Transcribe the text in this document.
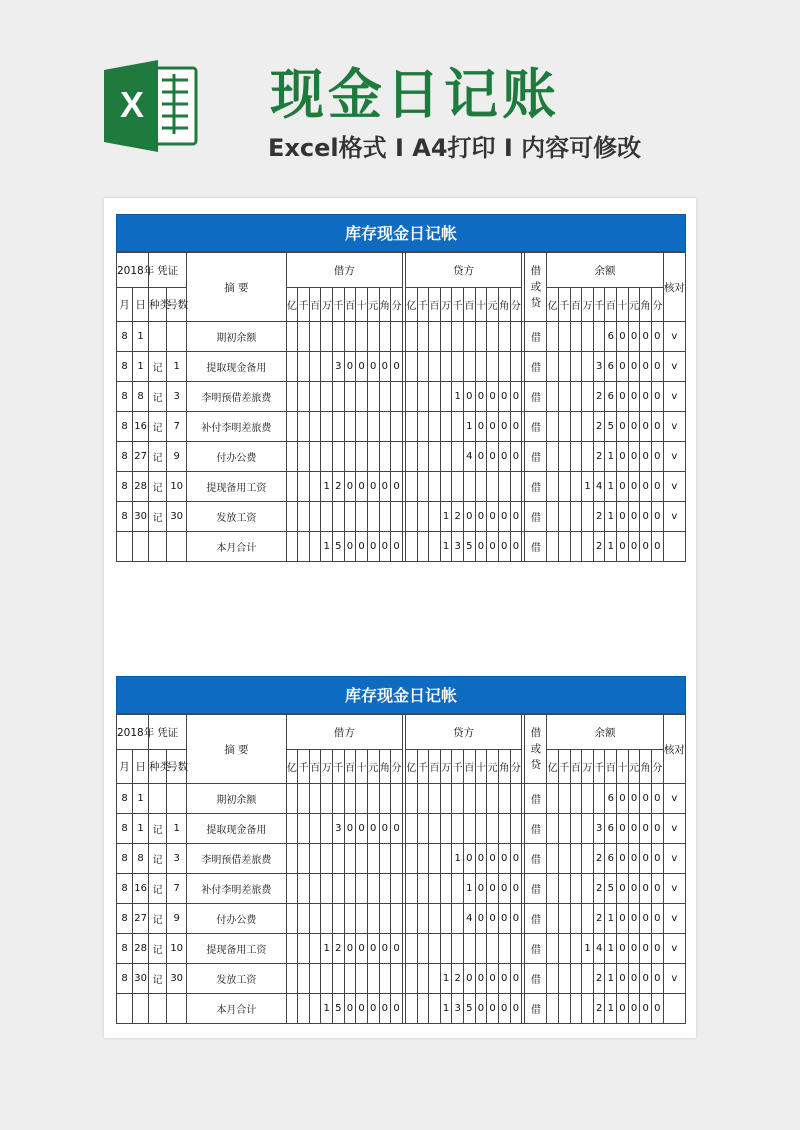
X 现金日记账
Excel格式 I A4打印 I 内容可修改
库存现金日记帐
2018年		凭证		摘 要	借方											贷方											借或贷	余额										核对
月	日	种类	号数		亿	千	百	万	千	百	十	元	角	分		亿	千	百	万	千	百	十	元	角	分			亿	千	百	万	千	百	十	元	角	分	
8	1			期初余额																							借						6	0	0	0	0	v
8	1	记	1	提取现金备用					3	0	0	0	0	0													借					3	6	0	0	0	0	v
8	8	记	3	李明预借差旅费																1	0	0	0	0	0		借					2	6	0	0	0	0	v
8	16	记	7	补付李明差旅费																	1	0	0	0	0		借					2	5	0	0	0	0	v
8	27	记	9	付办公费																	4	0	0	0	0		借					2	1	0	0	0	0	v
8	28	记	10	提现备用工资				1	2	0	0	0	0	0													借				1	4	1	0	0	0	0	v
8	30	记	30	发放工资															1	2	0	0	0	0	0		借					2	1	0	0	0	0	v
				本月合计				1	5	0	0	0	0	0					1	3	5	0	0	0	0		借					2	1	0	0	0	0	
库存现金日记帐
2018年		凭证		摘 要	借方											贷方											借或贷	余额										核对
月	日	种类	号数		亿	千	百	万	千	百	十	元	角	分		亿	千	百	万	千	百	十	元	角	分			亿	千	百	万	千	百	十	元	角	分	
8	1			期初余额																							借						6	0	0	0	0	v
8	1	记	1	提取现金备用					3	0	0	0	0	0													借					3	6	0	0	0	0	v
8	8	记	3	李明预借差旅费																1	0	0	0	0	0		借					2	6	0	0	0	0	v
8	16	记	7	补付李明差旅费																	1	0	0	0	0		借					2	5	0	0	0	0	v
8	27	记	9	付办公费																	4	0	0	0	0		借					2	1	0	0	0	0	v
8	28	记	10	提现备用工资				1	2	0	0	0	0	0													借				1	4	1	0	0	0	0	v
8	30	记	30	发放工资															1	2	0	0	0	0	0		借					2	1	0	0	0	0	v
				本月合计				1	5	0	0	0	0	0					1	3	5	0	0	0	0		借					2	1	0	0	0	0	
